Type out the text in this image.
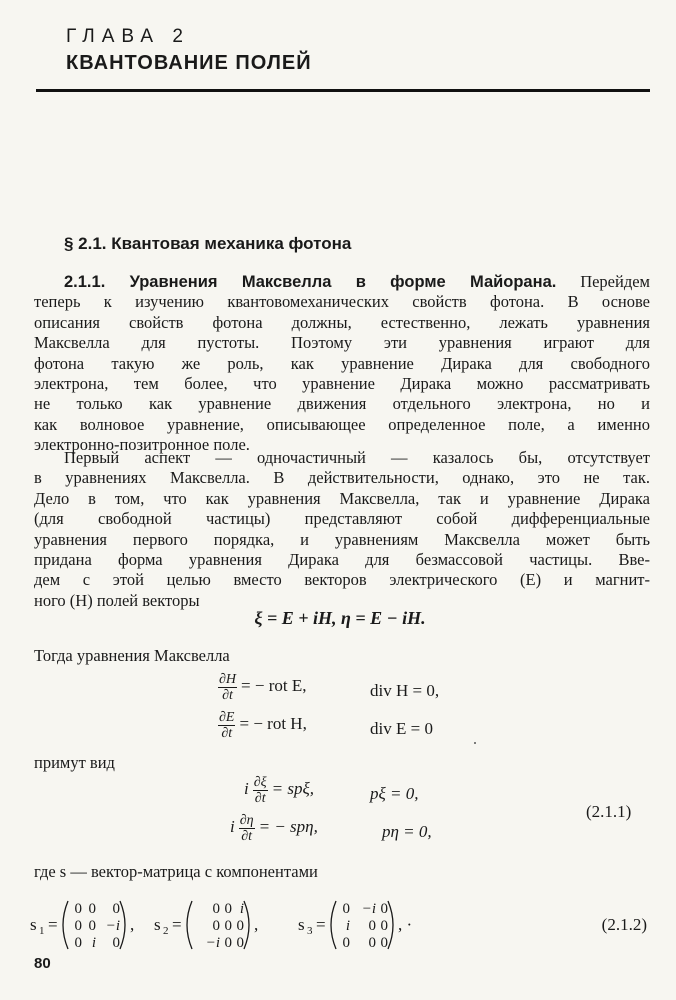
ГЛАВА 2
КВАНТОВАНИЕ ПОЛЕЙ
§ 2.1. Квантовая механика фотона
2.1.1. Уравнения Максвелла в форме Майорана. Перейдем
теперь к изучению квантовомеханических свойств фотона. В основе
описания свойств фотона должны, естественно, лежать уравнения
Максвелла для пустоты. Поэтому эти уравнения играют для
фотона такую же роль, как уравнение Дирака для свободного
электрона, тем более, что уравнение Дирака можно рассматривать
не только как уравнение движения отдельного электрона, но и
как волновое уравнение, описывающее определенное поле, а именно
электронно-позитронное поле.
Первый аспект — одночастичный — казалось бы, отсутствует
в уравнениях Максвелла. В действительности, однако, это не так.
Дело в том, что как уравнения Максвелла, так и уравнение Дирака
(для свободной частицы) представляют собой дифференциальные
уравнения первого порядка, и уравнениям Максвелла может быть
придана форма уравнения Дирака для безмассовой частицы. Вве-
дем с этой целью вместо векторов электрического (E) и магнит-
ного (H) полей векторы
ξ = E + iH, η = E − iH.
Тогда уравнения Максвелла
$\frac{\partial H}{\partial t}$ = − rot E,	div H = 0,
$\frac{\partial E}{\partial t}$ = − rot H,	div E = 0
примут вид
i $\frac{\partial\xi}{\partial t} = sp\xi$,	pξ = 0,
i $\frac{\partial\eta}{\partial t}$ = − spη,	pη = 0,
(2.1.1)
где s — вектор-матрица с компонентами
s 1 =
0 0 0
0 0 −i
0 i 0
, s 2 =
0 0 i
0 0 0
−i 0 0
, s 3 =
0 −i 0
i 0 0
0 0 0
, ·	(2.1.2)
80
